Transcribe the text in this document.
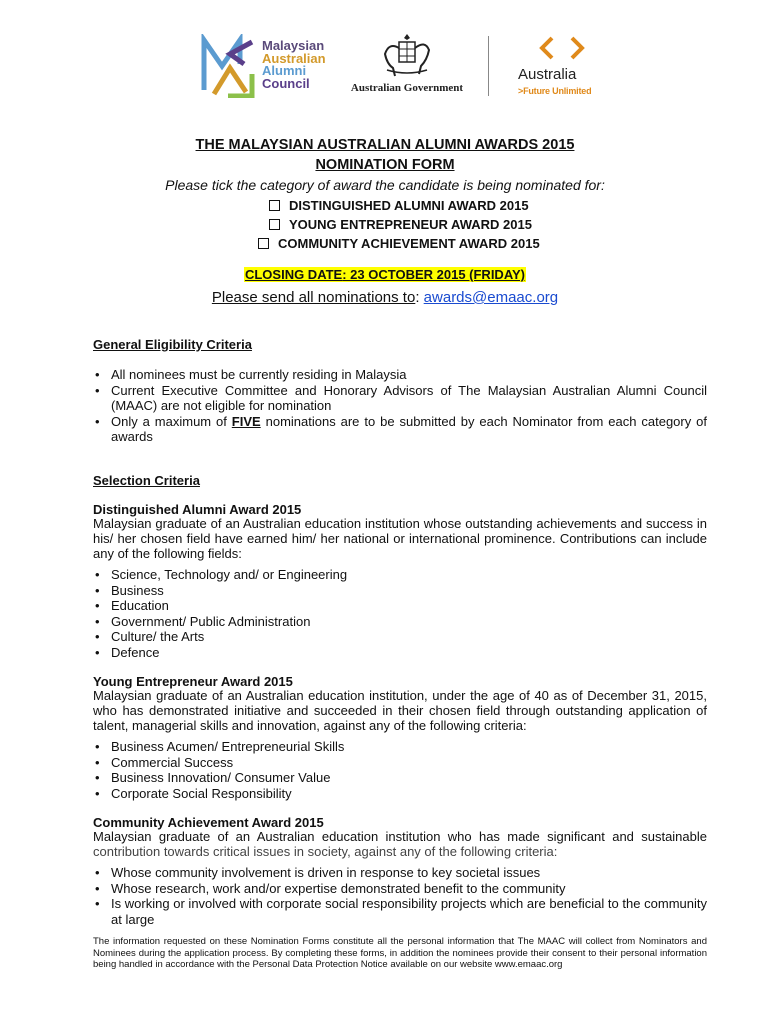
Malaysian
Australian
Alumni
Council	Australian Government
Australia
>Future Unlimited
THE MALAYSIAN AUSTRALIAN ALUMNI AWARDS 2015
NOMINATION FORM
Please tick the category of award the candidate is being nominated for:
DISTINGUISHED ALUMNI AWARD 2015
YOUNG ENTREPRENEUR AWARD 2015
COMMUNITY ACHIEVEMENT AWARD 2015
CLOSING DATE: 23 OCTOBER 2015 (FRIDAY)
Please send all nominations to: awards@emaac.org
General Eligibility Criteria
• All nominees must be currently residing in Malaysia
• Current Executive Committee and Honorary Advisors of The Malaysian Australian Alumni Council (MAAC) are not eligible for nomination
• Only a maximum of FIVE nominations are to be submitted by each Nominator from each category of awards
Selection Criteria
Distinguished Alumni Award 2015
Malaysian graduate of an Australian education institution whose outstanding achievements and success in his/ her chosen field have earned him/ her national or international prominence. Contributions can include any of the following fields:
• Science, Technology and/ or Engineering
• Business
• Education
• Government/ Public Administration
• Culture/ the Arts
• Defence
Young Entrepreneur Award 2015
Malaysian graduate of an Australian education institution, under the age of 40 as of December 31, 2015, who has demonstrated initiative and succeeded in their chosen field through outstanding application of talent, managerial skills and innovation, against any of the following criteria:
• Business Acumen/ Entrepreneurial Skills
• Commercial Success
• Business Innovation/ Consumer Value
• Corporate Social Responsibility
Community Achievement Award 2015
Malaysian graduate of an Australian education institution who has made significant and sustainable
contribution towards critical issues in society, against any of the following criteria:
• Whose community involvement is driven in response to key societal issues
• Whose research, work and/or expertise demonstrated benefit to the community
• Is working or involved with corporate social responsibility projects which are beneficial to the community at large
The information requested on these Nomination Forms constitute all the personal information that The MAAC will collect from Nominators and Nominees during the application process. By completing these forms, in addition the nominees provide their consent to their personal information being handled in accordance with the Personal Data Protection Notice available on our website www.emaac.org
